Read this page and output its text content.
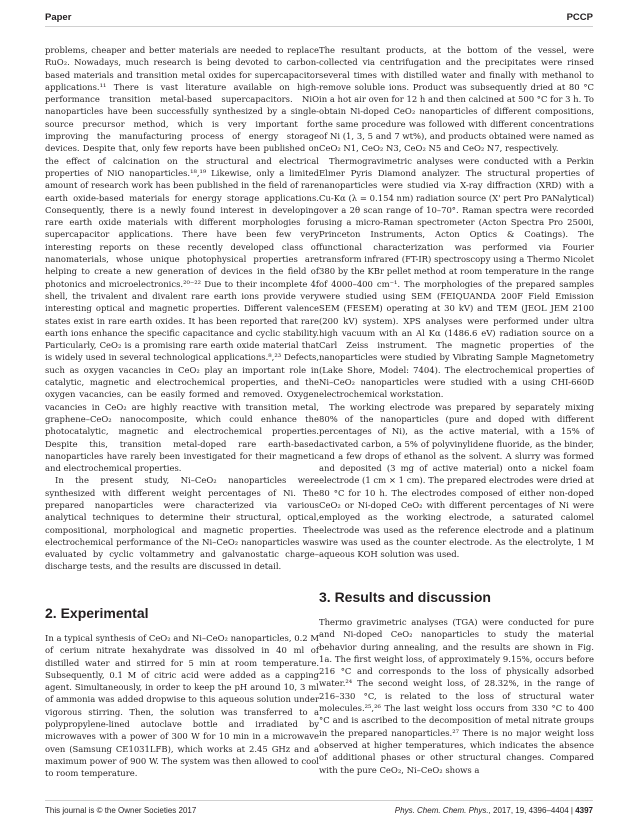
Paper	PCCP

problems, cheaper and better materials are needed to replace RuO₂. Nowadays, much research is being devoted to carbon-based materials and transition metal oxides for supercapacitor applications.¹¹ There is vast literature available on high-performance transition metal-based supercapacitors. NiO nanoparticles have been successfully synthesized by a single-source precursor method, which is very important for improving the manufacturing process of energy storage devices. Despite that, only few reports have been published on the effect of calcination on the structural and electrical properties of NiO nanoparticles.¹⁸,¹⁹ Likewise, only a limited amount of research work has been published in the field of rare earth oxide-based materials for energy storage applications. Consequently, there is a newly found interest in developing rare earth oxide materials with different morphologies for supercapacitor applications. There have been few very interesting reports on these recently developed class of nanomaterials, whose unique photophysical properties are helping to create a new generation of devices in the field of photonics and microelectronics.²⁰⁻²² Due to their incomplete 4f shell, the trivalent and divalent rare earth ions provide very interesting optical and magnetic properties. Different valence states exist in rare earth oxides. It has been reported that rare earth ions enhance the specific capacitance and cyclic stability. Particularly, CeO₂ is a promising rare earth oxide material that is widely used in several technological applications.⁸,²³ Defects, such as oxygen vacancies in CeO₂ play an important role in catalytic, magnetic and electrochemical properties, and the oxygen vacancies, can be easily formed and removed. Oxygen vacancies in CeO₂ are highly reactive with transition metal, graphene–CeO₂ nanocomposite, which could enhance the photocatalytic, magnetic and electrochemical properties. Despite this, transition metal-doped rare earth-based nanoparticles have rarely been investigated for their magnetic and electrochemical properties.

In the present study, Ni–CeO₂ nanoparticles were synthesized with different weight percentages of Ni. The prepared nanoparticles were characterized via various analytical techniques to determine their structural, optical, compositional, morphological and magnetic properties. The electrochemical performance of the Ni–CeO₂ nanoparticles was evaluated by cyclic voltammetry and galvanostatic charge–discharge tests, and the results are discussed in detail.

2. Experimental

In a typical synthesis of CeO₂ and Ni–CeO₂ nanoparticles, 0.2 M of cerium nitrate hexahydrate was dissolved in 40 ml of distilled water and stirred for 5 min at room temperature. Subsequently, 0.1 M of citric acid were added as a capping agent. Simultaneously, in order to keep the pH around 10, 3 ml of ammonia was added dropwise to this aqueous solution under vigorous stirring. Then, the solution was transferred to a polypropylene-lined autoclave bottle and irradiated by microwaves with a power of 300 W for 10 min in a microwave oven (Samsung CE1031LFB), which works at 2.45 GHz and a maximum power of 900 W. The system was then allowed to cool to room temperature.

The resultant products, at the bottom of the vessel, were collected via centrifugation and the precipitates were rinsed several times with distilled water and finally with methanol to remove soluble ions. Product was subsequently dried at 80 °C in a hot air oven for 12 h and then calcined at 500 °C for 3 h. To obtain Ni-doped CeO₂ nanoparticles of different compositions, the same procedure was followed with different concentrations of Ni (1, 3, 5 and 7 wt%), and products obtained were named as CeO₂ N1, CeO₂ N3, CeO₂ N5 and CeO₂ N7, respectively.

Thermogravimetric analyses were conducted with a Perkin Elmer Pyris Diamond analyzer. The structural properties of nanoparticles were studied via X-ray diffraction (XRD) with a Cu-Kα (λ = 0.154 nm) radiation source (X' pert Pro PANalytical) over a 2θ scan range of 10–70°. Raman spectra were recorded using a micro-Raman spectrometer (Acton Spectra Pro 2500i, Princeton Instruments, Acton Optics & Coatings). The functional characterization was performed via Fourier transform infrared (FT-IR) spectroscopy using a Thermo Nicolet 380 by the KBr pellet method at room temperature in the range of 4000–400 cm⁻¹. The morphologies of the prepared samples were studied using SEM (FEIQUANDA 200F Field Emission SEM (FESEM) operating at 30 kV) and TEM (JEOL JEM 2100 (200 kV) system). XPS analyses were performed under ultra high vacuum with an Al Kα (1486.6 eV) radiation source on a Carl Zeiss instrument. The magnetic properties of the nanoparticles were studied by Vibrating Sample Magnetometry (Lake Shore, Model: 7404). The electrochemical properties of Ni–CeO₂ nanoparticles were studied with a using CHI-660D electrochemical workstation.

The working electrode was prepared by separately mixing 80% of the nanoparticles (pure and doped with different percentages of Ni), as the active material, with a 15% of activated carbon, a 5% of polyvinylidene fluoride, as the binder, and a few drops of ethanol as the solvent. A slurry was formed and deposited (3 mg of active material) onto a nickel foam electrode (1 cm × 1 cm). The prepared electrodes were dried at 80 °C for 10 h. The electrodes composed of either non-doped CeO₂ or Ni-doped CeO₂ with different percentages of Ni were employed as the working electrode, a saturated calomel electrode was used as the reference electrode and a platinum wire was used as the counter electrode. As the electrolyte, 1 M aqueous KOH solution was used.

3. Results and discussion

Thermo gravimetric analyses (TGA) were conducted for pure and Ni-doped CeO₂ nanoparticles to study the material behavior during annealing, and the results are shown in Fig. 1a. The first weight loss, of approximately 9.15%, occurs before 216 °C and corresponds to the loss of physically adsorbed water.²⁴ The second weight loss, of 28.32%, in the range of 216–330 °C, is related to the loss of structural water molecules.²⁵,²⁶ The last weight loss occurs from 330 °C to 400 °C and is ascribed to the decomposition of metal nitrate groups in the prepared nanoparticles.²⁷ There is no major weight loss observed at higher temperatures, which indicates the absence of additional phases or other structural changes. Compared with the pure CeO₂, Ni–CeO₂ shows a

This journal is © the Owner Societies 2017	Phys. Chem. Chem. Phys., 2017, 19, 4396–4404 | 4397
